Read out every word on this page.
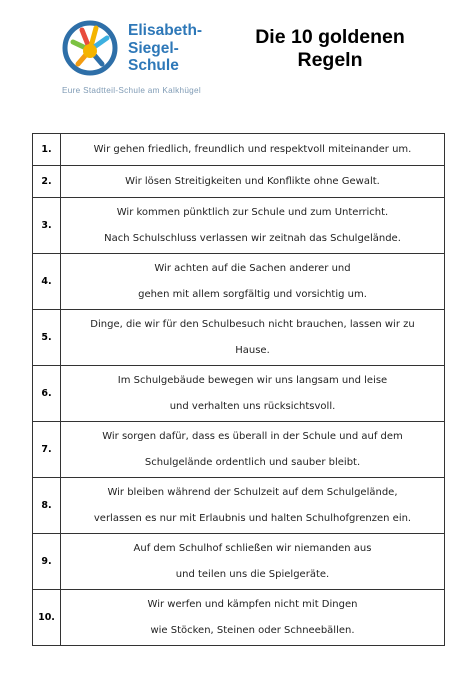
Elisabeth-
Siegel-
Schule
Eure Stadtteil-Schule am Kalkhügel
Die 10 goldenen
Regeln
1.	Wir gehen friedlich, freundlich und respektvoll miteinander um.

2.	Wir lösen Streitigkeiten und Konflikte ohne Gewalt.

3.	Wir kommen pünktlich zur Schule und zum Unterricht.
Nach Schulschluss verlassen wir zeitnah das Schulgelände.

4.	Wir achten auf die Sachen anderer und
gehen mit allem sorgfältig und vorsichtig um.

5.	Dinge, die wir für den Schulbesuch nicht brauchen, lassen wir zu
Hause.

6.	Im Schulgebäude bewegen wir uns langsam und leise
und verhalten uns rücksichtsvoll.

7.	Wir sorgen dafür, dass es überall in der Schule und auf dem
Schulgelände ordentlich und sauber bleibt.

8.	Wir bleiben während der Schulzeit auf dem Schulgelände,
verlassen es nur mit Erlaubnis und halten Schulhofgrenzen ein.

9.	Auf dem Schulhof schließen wir niemanden aus
und teilen uns die Spielgeräte.

10.	Wir werfen und kämpfen nicht mit Dingen
wie Stöcken, Steinen oder Schneebällen.
